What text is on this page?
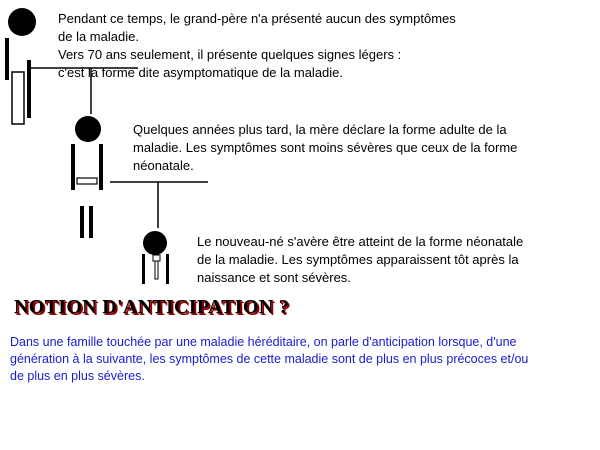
Pendant ce temps, le grand-père n'a présenté aucun des symptômes de la maladie.
Vers 70 ans seulement, il présente quelques signes légers :
c'est la forme dite asymptomatique de la maladie.
Quelques années plus tard, la mère déclare la forme adulte de la
maladie. Les symptômes sont moins sévères que ceux de la forme
néonatale.
Le nouveau-né s'avère être atteint de la forme néonatale
de la maladie. Les symptômes apparaissent tôt après la
naissance et sont sévères.
NOTION D'ANTICIPATION ?
Dans une famille touchée par une maladie héréditaire, on parle d'anticipation lorsque, d'une
génération à la suivante, les symptômes de cette maladie sont de plus en plus précoces et/ou
de plus en plus sévères.
